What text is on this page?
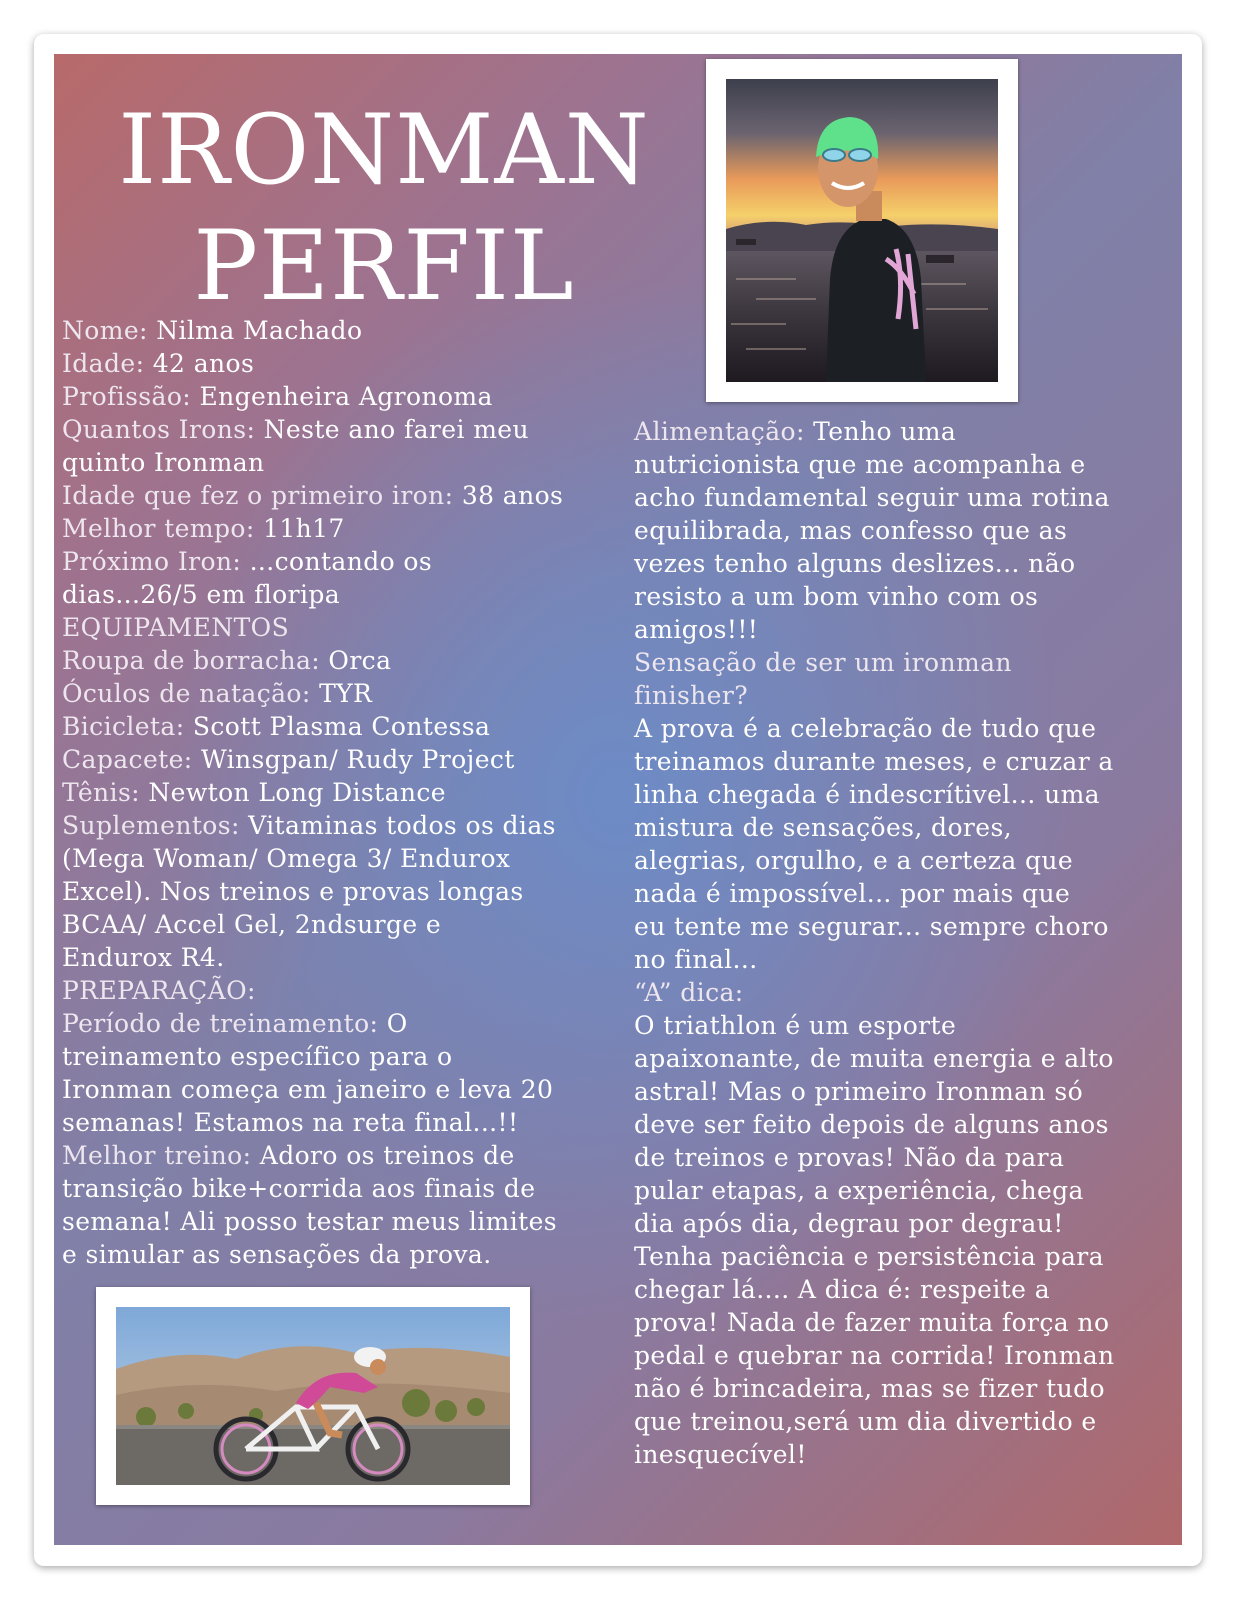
IRONMAN
PERFIL
Nome: Nilma Machado
Idade: 42 anos
Profissão: Engenheira Agronoma
Quantos Irons: Neste ano farei meu
quinto Ironman
Idade que fez o primeiro iron: 38 anos
Melhor tempo: 11h17
Próximo Iron: ...contando os
dias...26/5 em floripa
EQUIPAMENTOS
Roupa de borracha: Orca
Óculos de natação: TYR
Bicicleta: Scott Plasma Contessa
Capacete: Winsgpan/ Rudy Project
Tênis: Newton Long Distance
Suplementos: Vitaminas todos os dias
(Mega Woman/ Omega 3/ Endurox
Excel). Nos treinos e provas longas
BCAA/ Accel Gel, 2ndsurge e
Endurox R4.
PREPARAÇÃO:
Período de treinamento: O
treinamento específico para o
Ironman começa em janeiro e leva 20
semanas! Estamos na reta final...!!
Melhor treino: Adoro os treinos de
transição bike+corrida aos finais de
semana! Ali posso testar meus limites
e simular as sensações da prova.
Alimentação: Tenho uma
nutricionista que me acompanha e
acho fundamental seguir uma rotina
equilibrada, mas confesso que as
vezes tenho alguns deslizes... não
resisto a um bom vinho com os
amigos!!!
Sensação de ser um ironman
finisher?
A prova é a celebração de tudo que
treinamos durante meses, e cruzar a
linha chegada é indescrítivel... uma
mistura de sensações, dores,
alegrias, orgulho, e a certeza que
nada é impossível... por mais que
eu tente me segurar... sempre choro
no final...
“A” dica:
O triathlon é um esporte
apaixonante, de muita energia e alto
astral! Mas o primeiro Ironman só
deve ser feito depois de alguns anos
de treinos e provas! Não da para
pular etapas, a experiência, chega
dia após dia, degrau por degrau!
Tenha paciência e persistência para
chegar lá.... A dica é: respeite a
prova! Nada de fazer muita força no
pedal e quebrar na corrida! Ironman
não é brincadeira, mas se fizer tudo
que treinou,será um dia divertido e
inesquecível!
